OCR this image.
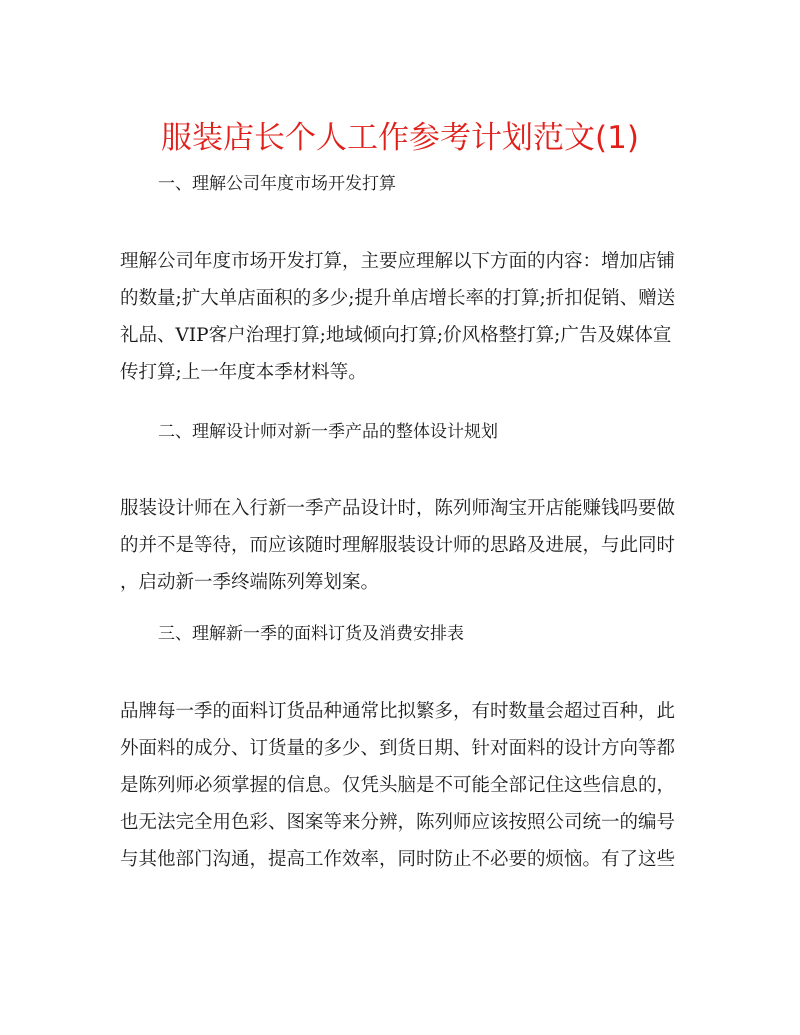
服装店长个人工作参考计划范文(1)
一、理解公司年度市场开发打算
理解公司年度市场开发打算，主要应理解以下方面的内容：增加店铺
的数量;扩大单店面积的多少;提升单店增长率的打算;折扣促销、赠送
礼品、VIP客户治理打算;地域倾向打算;价风格整打算;广告及媒体宣
传打算;上一年度本季材料等。
二、理解设计师对新一季产品的整体设计规划
服装设计师在入行新一季产品设计时，陈列师淘宝开店能赚钱吗要做
的并不是等待，而应该随时理解服装设计师的思路及进展，与此同时
，启动新一季终端陈列筹划案。
三、理解新一季的面料订货及消费安排表
品牌每一季的面料订货品种通常比拟繁多，有时数量会超过百种，此
外面料的成分、订货量的多少、到货日期、针对面料的设计方向等都
是陈列师必须掌握的信息。仅凭头脑是不可能全部记住这些信息的，
也无法完全用色彩、图案等来分辨，陈列师应该按照公司统一的编号
与其他部门沟通，提高工作效率，同时防止不必要的烦恼。有了这些
